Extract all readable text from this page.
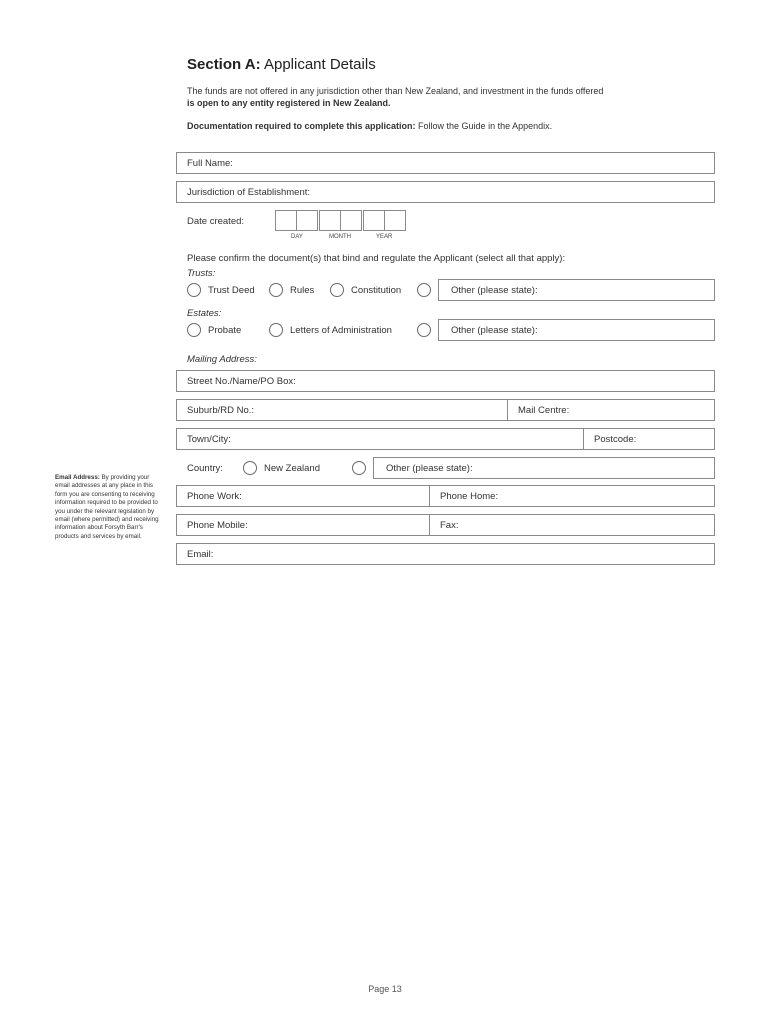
Section A: Applicant Details
The funds are not offered in any jurisdiction other than New Zealand, and investment in the funds offered
is open to any entity registered in New Zealand.
Documentation required to complete this application: Follow the Guide in the Appendix.
Full Name:
Jurisdiction of Establishment:
Date created:
DAY	MONTH	YEAR
Please confirm the document(s) that bind and regulate the Applicant (select all that apply):
Trusts:
Trust Deed	Rules	Constitution	Other (please state):
Estates:
Probate	Letters of Administration	Other (please state):
Mailing Address:
Street No./Name/PO Box:
Suburb/RD No.:	Mail Centre:
Town/City:	Postcode:
Country:	New Zealand	Other (please state):
Phone Work:	Phone Home:
Phone Mobile:	Fax:
Email:
Email Address: By providing your email addresses at any place in this form you are consenting to receiving information required to be provided to you under the relevant legislation by email (where permitted) and receiving information about Forsyth Barr's products and services by email.
Page 13
